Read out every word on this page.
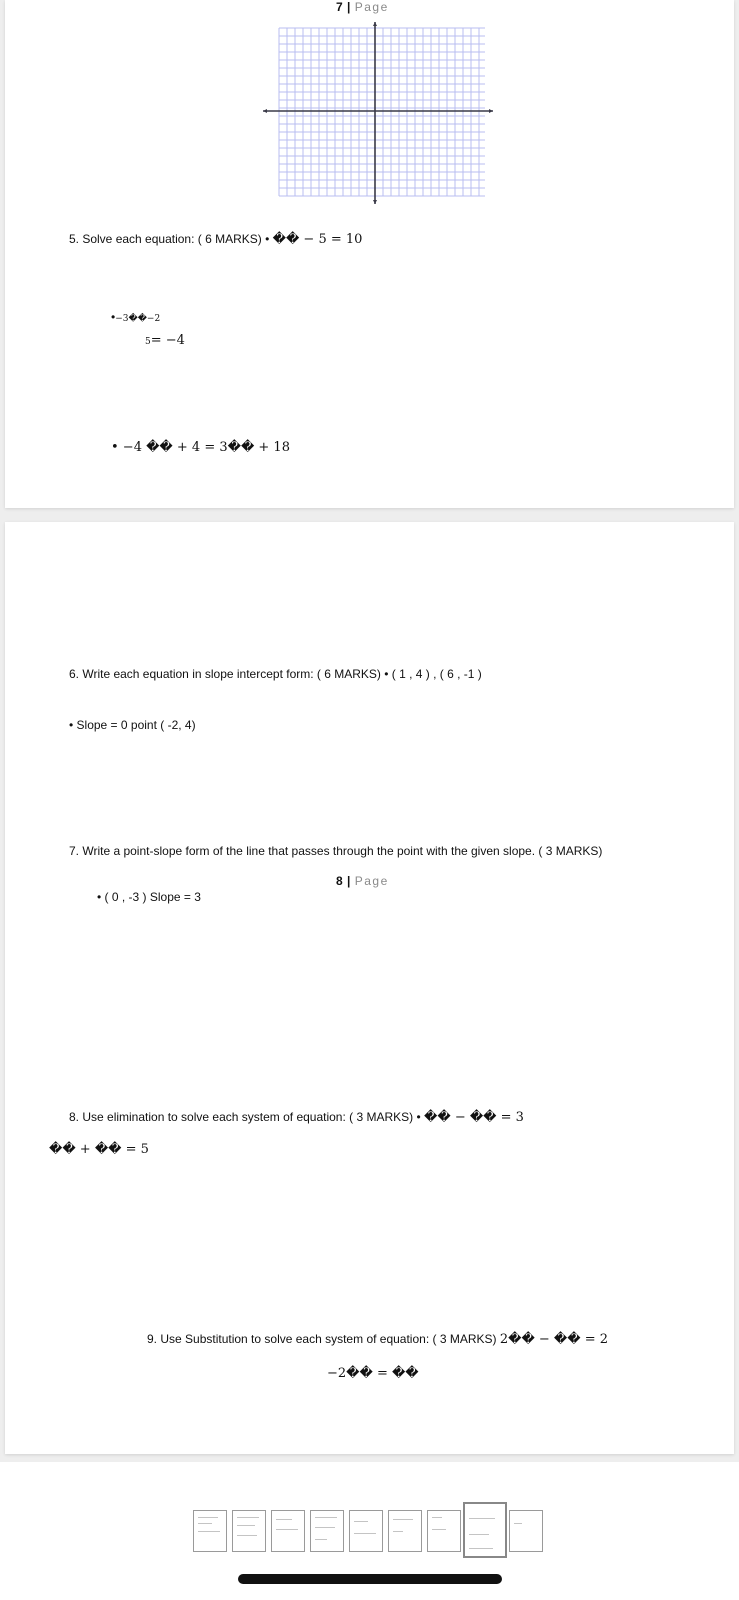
7 | Page
5. Solve each equation: ( 6 MARKS) • �� − 5 = 10
•−3��−2
5= −4
• −4 �� + 4 = 3�� + 18
6. Write each equation in slope intercept form: ( 6 MARKS) • ( 1 , 4 ) , ( 6 , -1 )
• Slope = 0 point ( -2, 4)
7. Write a point-slope form of the line that passes through the point with the given slope. ( 3 MARKS)
8 | Page
• ( 0 , -3 ) Slope = 3
8. Use elimination to solve each system of equation: ( 3 MARKS) • �� − �� = 3
�� + �� = 5
9. Use Substitution to solve each system of equation: ( 3 MARKS) 2�� − �� = 2
−2�� = ��
